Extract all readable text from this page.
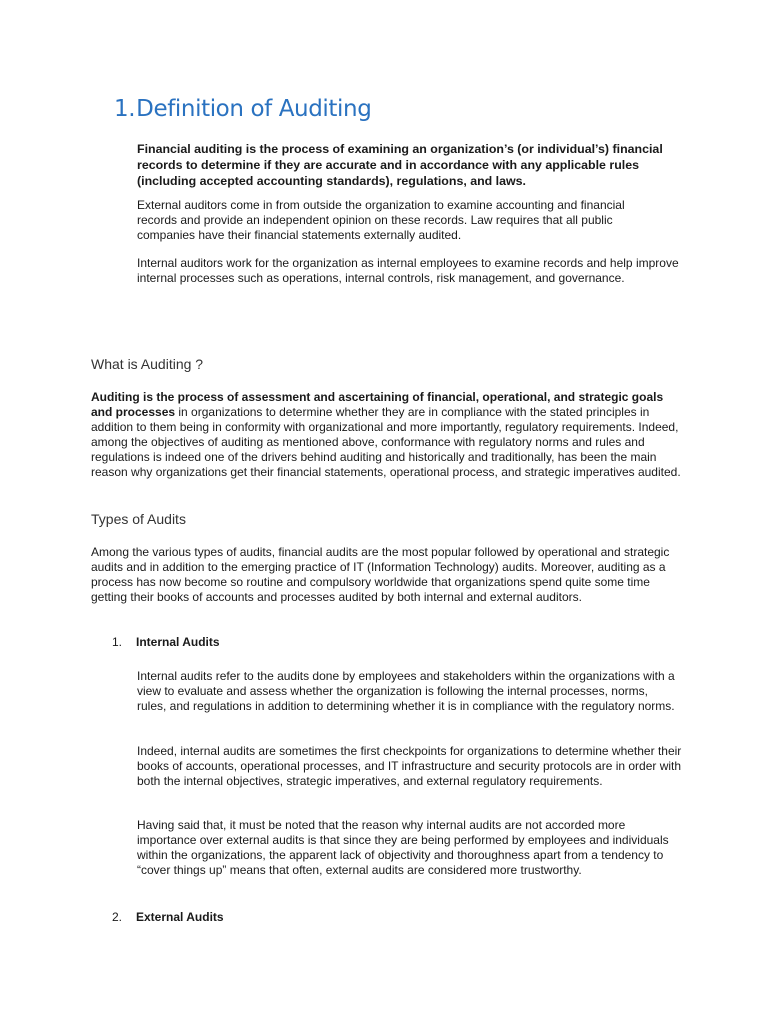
1.Definition of Auditing

Financial auditing is the process of examining an organization’s (or individual’s) financial records to determine if they are accurate and in accordance with any applicable rules (including accepted accounting standards), regulations, and laws.

External auditors come in from outside the organization to examine accounting and financial records and provide an independent opinion on these records. Law requires that all public companies have their financial statements externally audited.

Internal auditors work for the organization as internal employees to examine records and help improve internal processes such as operations, internal controls, risk management, and governance.

What is Auditing ?

Auditing is the process of assessment and ascertaining of financial, operational, and strategic goals and processes in organizations to determine whether they are in compliance with the stated principles in addition to them being in conformity with organizational and more importantly, regulatory requirements. Indeed, among the objectives of auditing as mentioned above, conformance with regulatory norms and rules and regulations is indeed one of the drivers behind auditing and historically and traditionally, has been the main reason why organizations get their financial statements, operational process, and strategic imperatives audited.

Types of Audits

Among the various types of audits, financial audits are the most popular followed by operational and strategic audits and in addition to the emerging practice of IT (Information Technology) audits. Moreover, auditing as a process has now become so routine and compulsory worldwide that organizations spend quite some time getting their books of accounts and processes audited by both internal and external auditors.

1. Internal Audits

Internal audits refer to the audits done by employees and stakeholders within the organizations with a view to evaluate and assess whether the organization is following the internal processes, norms, rules, and regulations in addition to determining whether it is in compliance with the regulatory norms.

Indeed, internal audits are sometimes the first checkpoints for organizations to determine whether their books of accounts, operational processes, and IT infrastructure and security protocols are in order with both the internal objectives, strategic imperatives, and external regulatory requirements.

Having said that, it must be noted that the reason why internal audits are not accorded more importance over external audits is that since they are being performed by employees and individuals within the organizations, the apparent lack of objectivity and thoroughness apart from a tendency to “cover things up” means that often, external audits are considered more trustworthy.

2. External Audits
